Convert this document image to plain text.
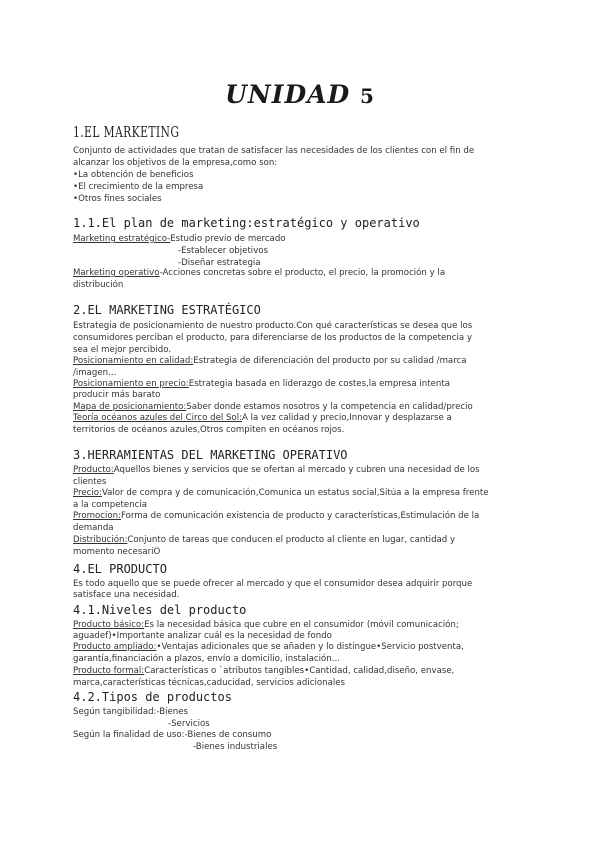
UNIDAD 5
1.EL MARKETING
Conjunto de actividades que tratan de satisfacer las necesidades de los clientes con el fin de
alcanzar los objetivos de la empresa,como son:
•La obtención de beneficios
•El crecimiento de la empresa
•Otros fines sociales
1.1.El plan de marketing:estratégico y operativo
Marketing estratégico-Estudio previo de mercado
-Establecer objetivos
-Diseñar estrategia
Marketing operativo-Acciones concretas sobre el producto, el precio, la promoción y la
distribución
2.EL MARKETING ESTRATÉGICO
Estrategia de posicionamiento de nuestro producto.Con qué características se desea que los
consumidores perciban el producto, para diferenciarse de los productos de la competencia y
sea el mejor percibido.
Posicionamiento en calidad:Estrategia de diferenciación del producto por su calidad /marca
/imagen...
Posicionamiento en precio:Estrategia basada en liderazgo de costes,la empresa intenta
producir más barato
Mapa de posicionamiento:Saber donde estamos nosotros y la competencia en calidad/precio
Teoría océanos azules del Circo del Sol:A la vez calidad y precio,Innovar y desplazarse a
territorios de océanos azules,Otros compiten en océanos rojos.
3.HERRAMIENTAS DEL MARKETING OPERATIVO
Producto:Aquellos bienes y servicios que se ofertan al mercado y cubren una necesidad de los
clientes
Precio:Valor de compra y de comunicación,Comunica un estatus social,Sitúa a la empresa frente
a la competencia
Promocion:Forma de comunicación existencia de producto y características,Estimulación de la
demanda
Distribución:Conjunto de tareas que conducen el producto al cliente en lugar, cantidad y
momento necesariO
4.EL PRODUCTO
Es todo aquello que se puede ofrecer al mercado y que el consumidor desea adquirir porque
satisface una necesidad.
4.1.Niveles del producto
Producto básico:Es la necesidad básica que cubre en el consumidor (móvil comunicación;
aguadef)•Importante analizar cuál es la necesidad de fondo
Producto ampliado:•Ventajas adicionales que se añaden y lo distingue•Servicio postventa,
garantía,financiación a plazos, envío a domicilio, instalación...
Producto formal:Características o `atributos tangibles•Cantidad, calidad,diseño, envase,
marca,características técnicas,caducidad, servicios adicionales
4.2.Tipos de productos
Según tangibilidad:-Bienes
-Servicios
Según la finalidad de uso:-Bienes de consumo
-Bienes industriales
